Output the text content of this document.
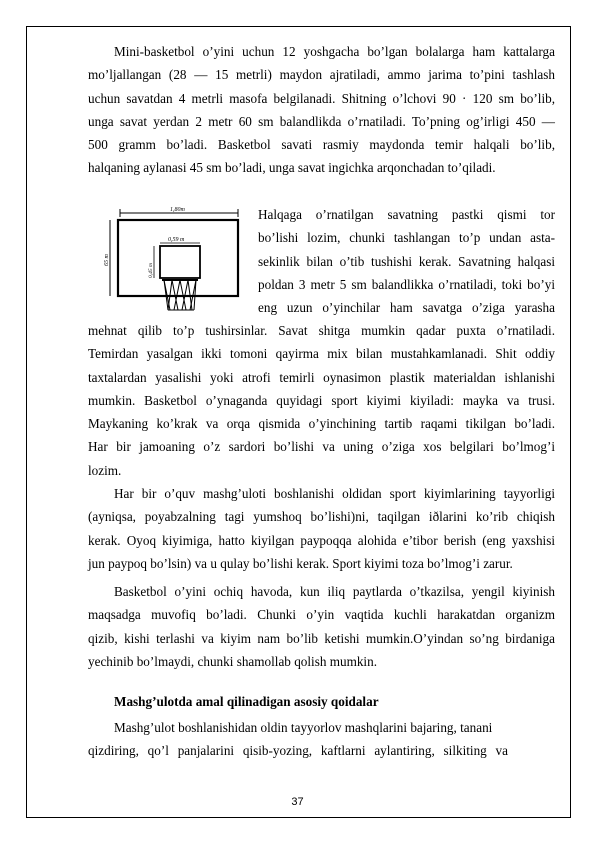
Mini-basketbol o’yini uchun 12 yoshgacha bo’lgan bolalarga ham kattalarga
mo’ljallangan (28 — 15 metrli) maydon ajratiladi, ammo jarima to’pini tashlash
uchun savatdan 4 metrli masofa belgilanadi. Shitning o’lchovi 90 · 120 sm bo’lib,
unga savat yerdan 2 metr 60 sm balandlikda o’rnatiladi. To’pning og’irligi 450 —
500 gramm bo’ladi. Basketbol savati rasmiy maydonda temir halqali bo’lib,
halqaning aylanasi 45 sm bo’ladi, unga savat ingichka arqonchadan to’qiladi.
1,80m
65 m
0,59 m
0,45 m
Halqaga o’rnatilgan savatning pastki qismi tor
bo’lishi lozim, chunki tashlangan to’p undan asta-
sekinlik bilan o’tib tushishi kerak. Savatning halqasi
poldan 3 metr 5 sm balandlikka o’rnatiladi, toki bo’yi
eng uzun o’yinchilar ham savatga o’ziga yarasha
mehnat qilib to’p tushirsinlar. Savat shitga mumkin qadar puxta o’rnatiladi.
Temirdan yasalgan ikki tomoni qayirma mix bilan mustahkamlanadi. Shit oddiy
taxtalardan yasalishi yoki atrofi temirli oynasimon plastik materialdan ishlanishi
mumkin. Basketbol o’ynaganda quyidagi sport kiyimi kiyiladi: mayka va trusi.
Maykaning ko’krak va orqa qismida o’yinchining tartib raqami tikilgan bo’ladi.
Har bir jamoaning o’z sardori bo’lishi va uning o’ziga xos belgilari bo’lmog’i
lozim.
Har bir o’quv mashg’uloti boshlanishi oldidan sport kiyimlarining tayyorligi
(ayniqsa, poyabzalning tagi yumshoq bo’lishi)ni, taqilgan iðlarini ko’rib chiqish
kerak. Oyoq kiyimiga, hatto kiyilgan paypoqqa alohida e’tibor berish (eng yaxshisi
jun paypoq bo’lsin) va u qulay bo’lishi kerak. Sport kiyimi toza bo’lmog’i zarur.
Basketbol o’yini ochiq havoda, kun iliq paytlarda o’tkazilsa, yengil kiyinish
maqsadga muvofiq bo’ladi. Chunki o’yin vaqtida kuchli harakatdan organizm
qizib, kishi terlashi va kiyim nam bo’lib ketishi mumkin.O’yindan so’ng birdaniga
yechinib bo’lmaydi, chunki shamollab qolish mumkin.
Mashg’ulotda amal qilinadigan asosiy qoidalar
Mashg’ulot boshlanishidan oldin tayyorlov mashqlarini bajaring, tanani
qizdiring, qo’l panjalarini qisib-yozing, kaftlarni aylantiring, silkiting va
37
